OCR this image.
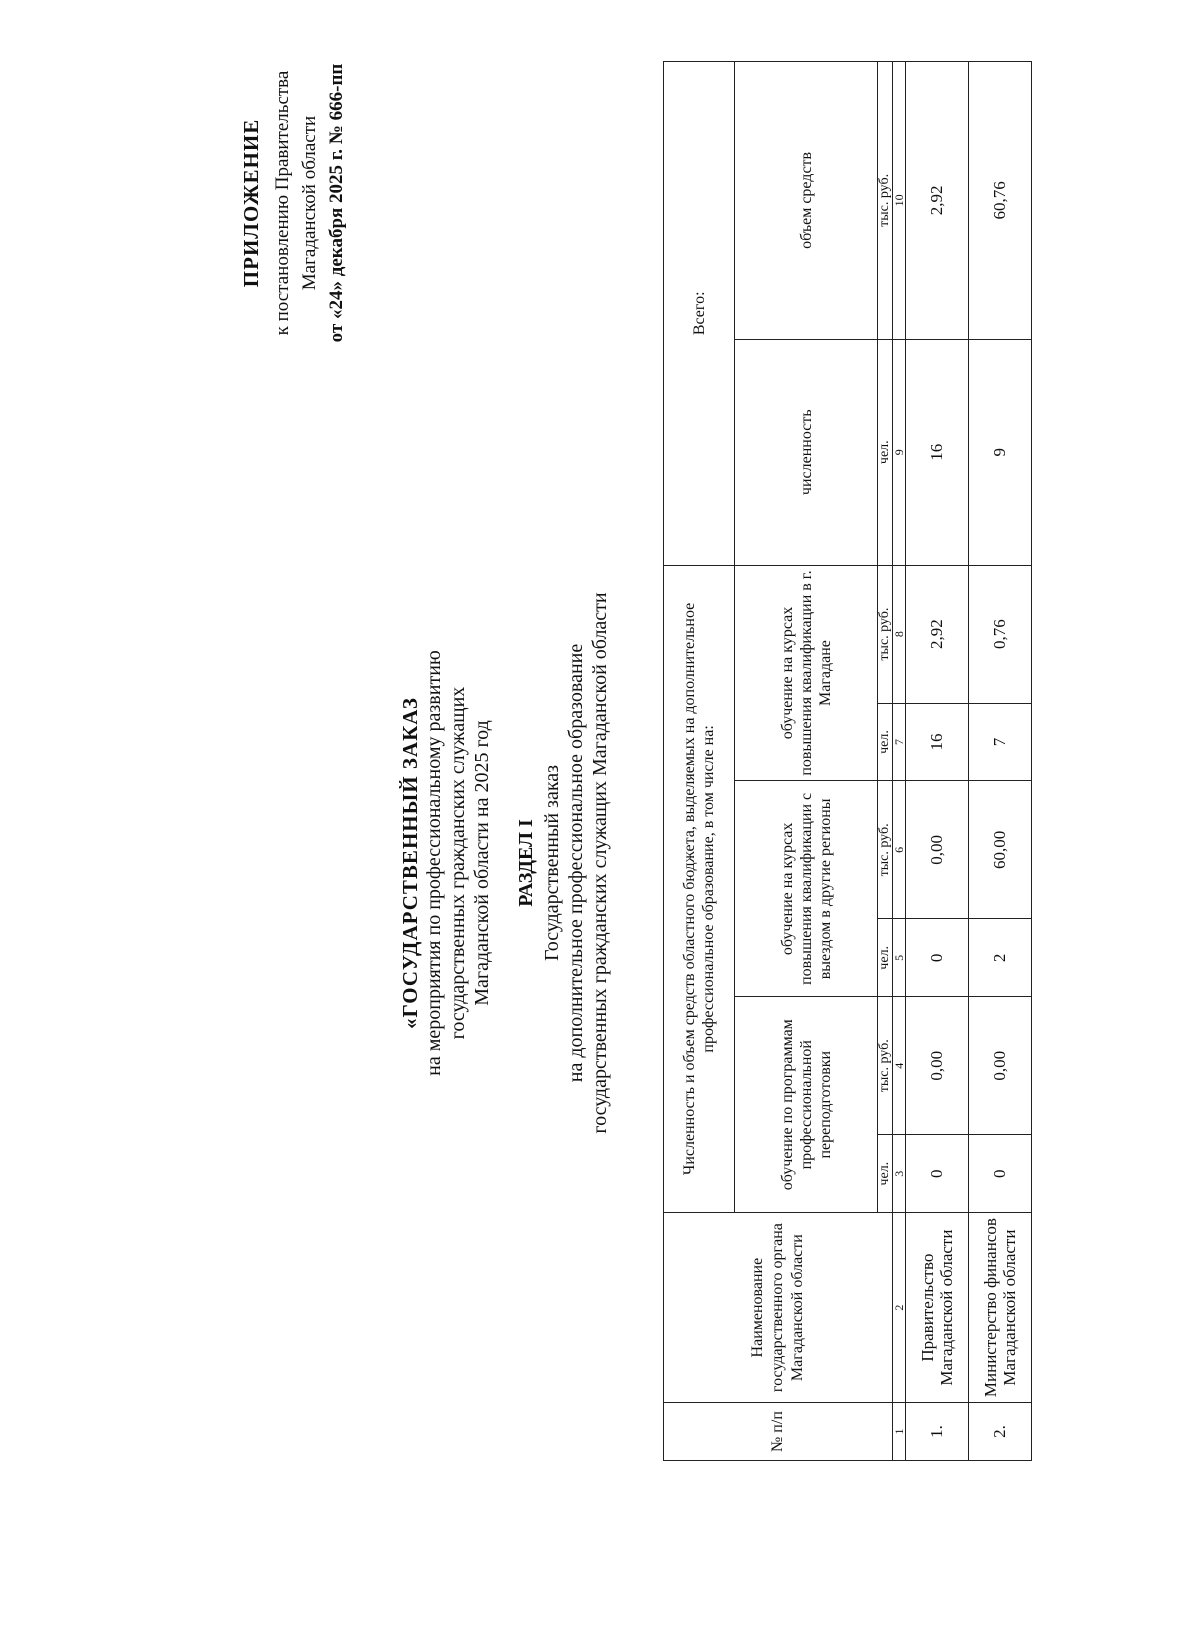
ПРИЛОЖЕНИЕ к постановлению Правительства Магаданской области от «24» декабря 2025 г. № 666-пп
«ГОСУДАРСТВЕННЫЙ ЗАКАЗ на мероприятия по профессиональному развитию государственных гражданских служащих Магаданской области на 2025 год РАЗДЕЛ I Государственный заказ на дополнительное профессиональное образование государственных гражданских служащих Магаданской области
№ п/п	Наименование государственного органа Магаданской области	Численность и объем средств областного бюджета, выделяемых на дополнительное профессиональное образование, в том числе на:						Всего:	
		обучение по программам профессиональной переподготовки		обучение на курсах повышения квалификации с выездом в другие регионы		обучение на курсах повышения квалификации в г. Магадане		численность	объем средств
		чел.	тыс. руб.	чел.	тыс. руб.	чел.	тыс. руб.	чел.	тыс. руб.
1	2	3	4	5	6	7	8	9	10
1.	Правительство Магаданской области	0	0,00	0	0,00	16	2,92	16	2,92
2.	Министерство финансов Магаданской области	0	0,00	2	60,00	7	0,76	9	60,76
